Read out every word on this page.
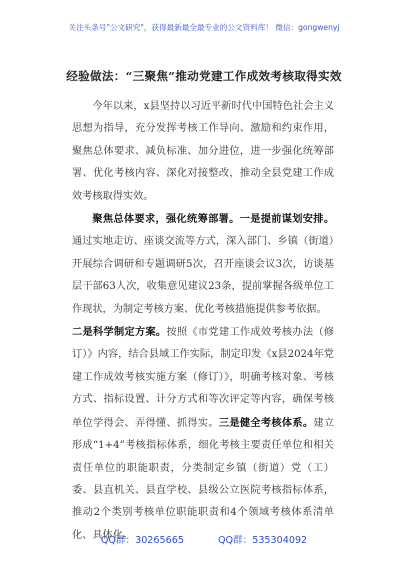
关注头条号"公文研究"，获得最新最全最专业的公文资料库！ 微信：gongwenyj
经验做法：“三聚焦”推动党建工作成效考核取得实效

今年以来，x县坚持以习近平新时代中国特色社会主义思想为指导，充分发挥考核工作导向、激励和约束作用，聚焦总体要求、减负标准、加分进位，进一步强化统筹部署、优化考核内容、深化对接整改，推动全县党建工作成效考核取得实效。

聚焦总体要求，强化统筹部署。一是提前谋划安排。通过实地走访、座谈交流等方式，深入部门、乡镇（街道）开展综合调研和专题调研5次，召开座谈会议3次，访谈基层干部63人次，收集意见建议23条，提前掌握各级单位工作现状，为制定考核方案、优化考核措施提供参考依据。

二是科学制定方案。按照《市党建工作成效考核办法（修订）》内容，结合县域工作实际，制定印发《x县2024年党建工作成效考核实施方案（修订）》，明确考核对象、考核方式、指标设置、计分方式和等次评定等内容，确保考核单位学得会、弄得懂、抓得实。三是健全考核体系。建立形成“1+4”考核指标体系，细化考核主要责任单位和相关责任单位的职能职责，分类制定乡镇（街道）党（工）委、县直机关、县直学校、县级公立医院考核指标体系，推动2个类别考核单位职能职责和4个领域考核体系清单化、具体化。

QQ群：30265665	QQ群：535304092
